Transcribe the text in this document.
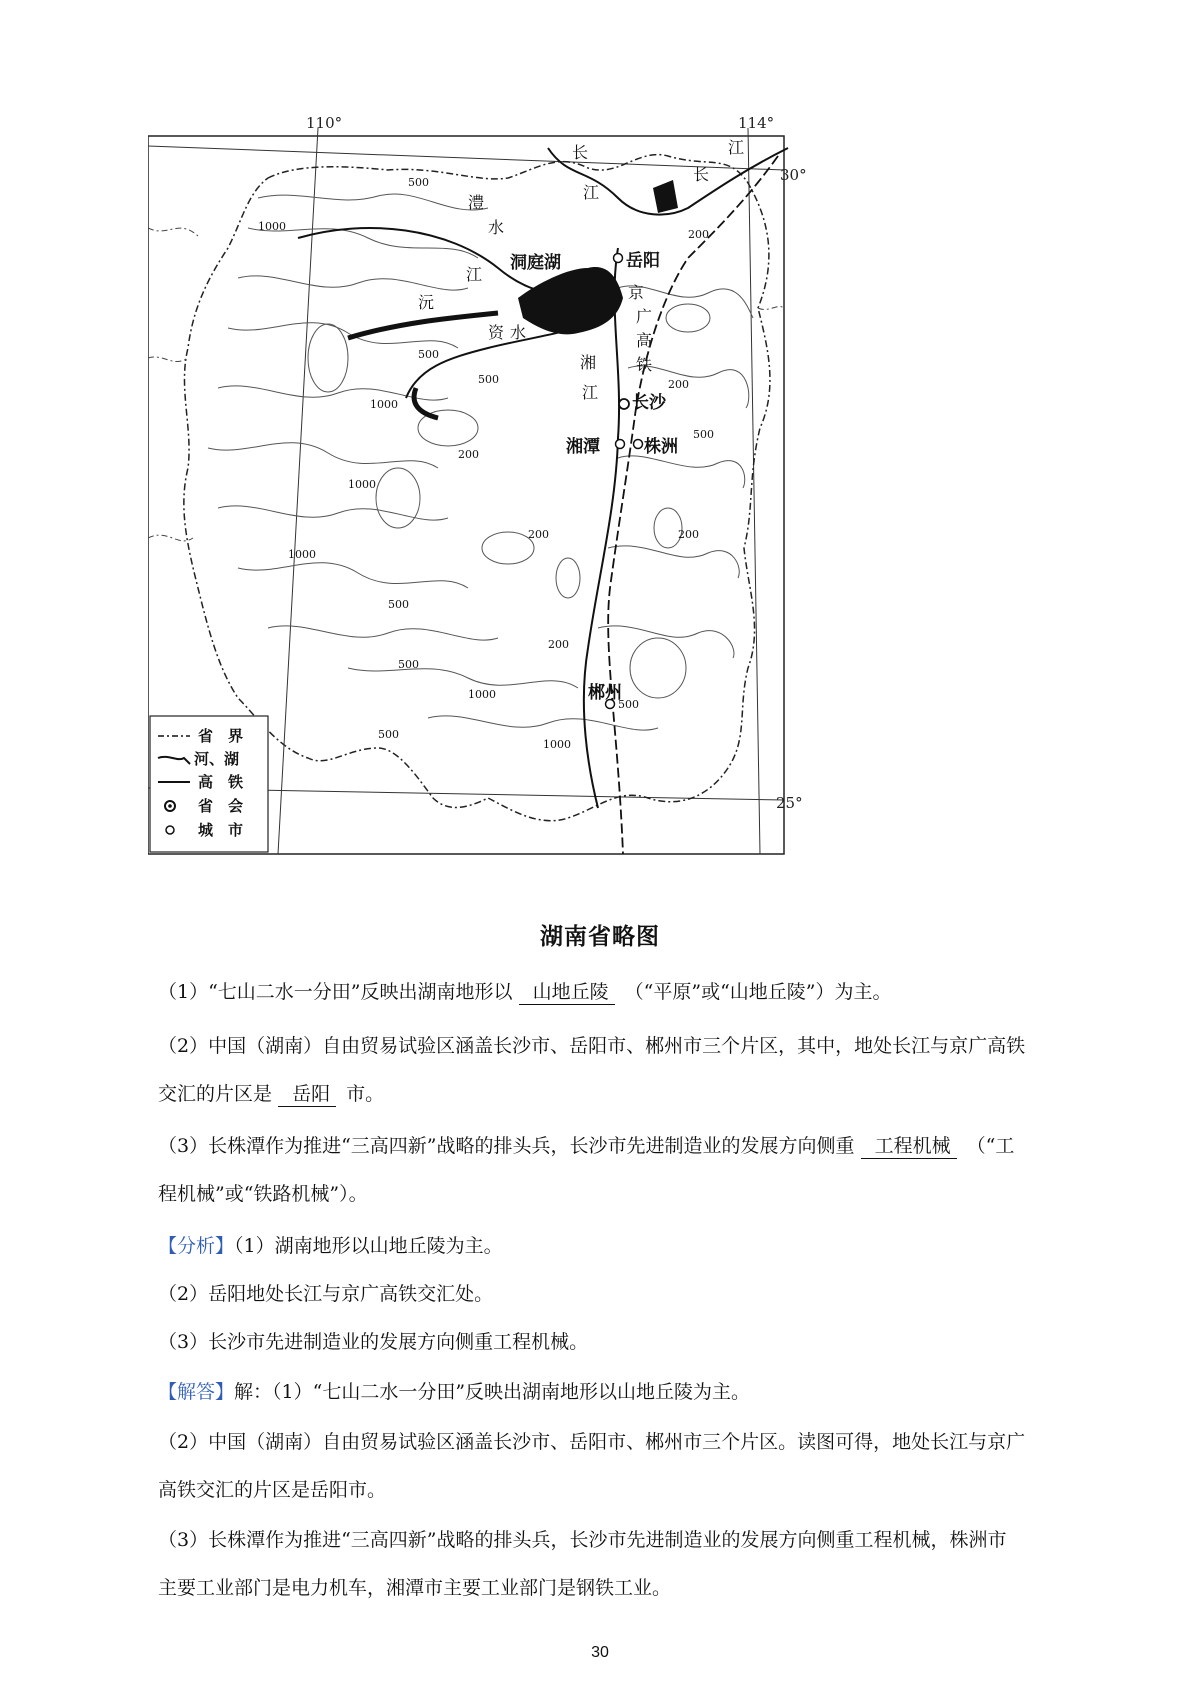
110°	114°
30°
25°
1000
500
200
500
1000
500
200
200
500
200
1000
1000
500
200
500
1000
200
500
1000
500
洞庭湖	岳阳
长沙
湘潭	株洲
郴州
长
江
江
长
澧
水
沅
江
资 水
湘
江
京
广
高
铁
省　界
河、湖
高　铁
省　会
城　市
湖南省略图
（1）“七山二水一分田”反映出湖南地形以 山地丘陵 （“平原”或“山地丘陵”）为主。
（2）中国（湖南）自由贸易试验区涵盖长沙市、岳阳市、郴州市三个片区，其中，地处长江与京广高铁
交汇的片区是 岳阳 市。
（3）长株潭作为推进“三高四新”战略的排头兵，长沙市先进制造业的发展方向侧重 工程机械 （“工
程机械”或“铁路机械”）。
【分析】（1）湖南地形以山地丘陵为主。
（2）岳阳地处长江与京广高铁交汇处。
（3）长沙市先进制造业的发展方向侧重工程机械。
【解答】解：（1）“七山二水一分田”反映出湖南地形以山地丘陵为主。
（2）中国（湖南）自由贸易试验区涵盖长沙市、岳阳市、郴州市三个片区。读图可得，地处长江与京广
高铁交汇的片区是岳阳市。
（3）长株潭作为推进“三高四新”战略的排头兵，长沙市先进制造业的发展方向侧重工程机械，株洲市
主要工业部门是电力机车，湘潭市主要工业部门是钢铁工业。
30
